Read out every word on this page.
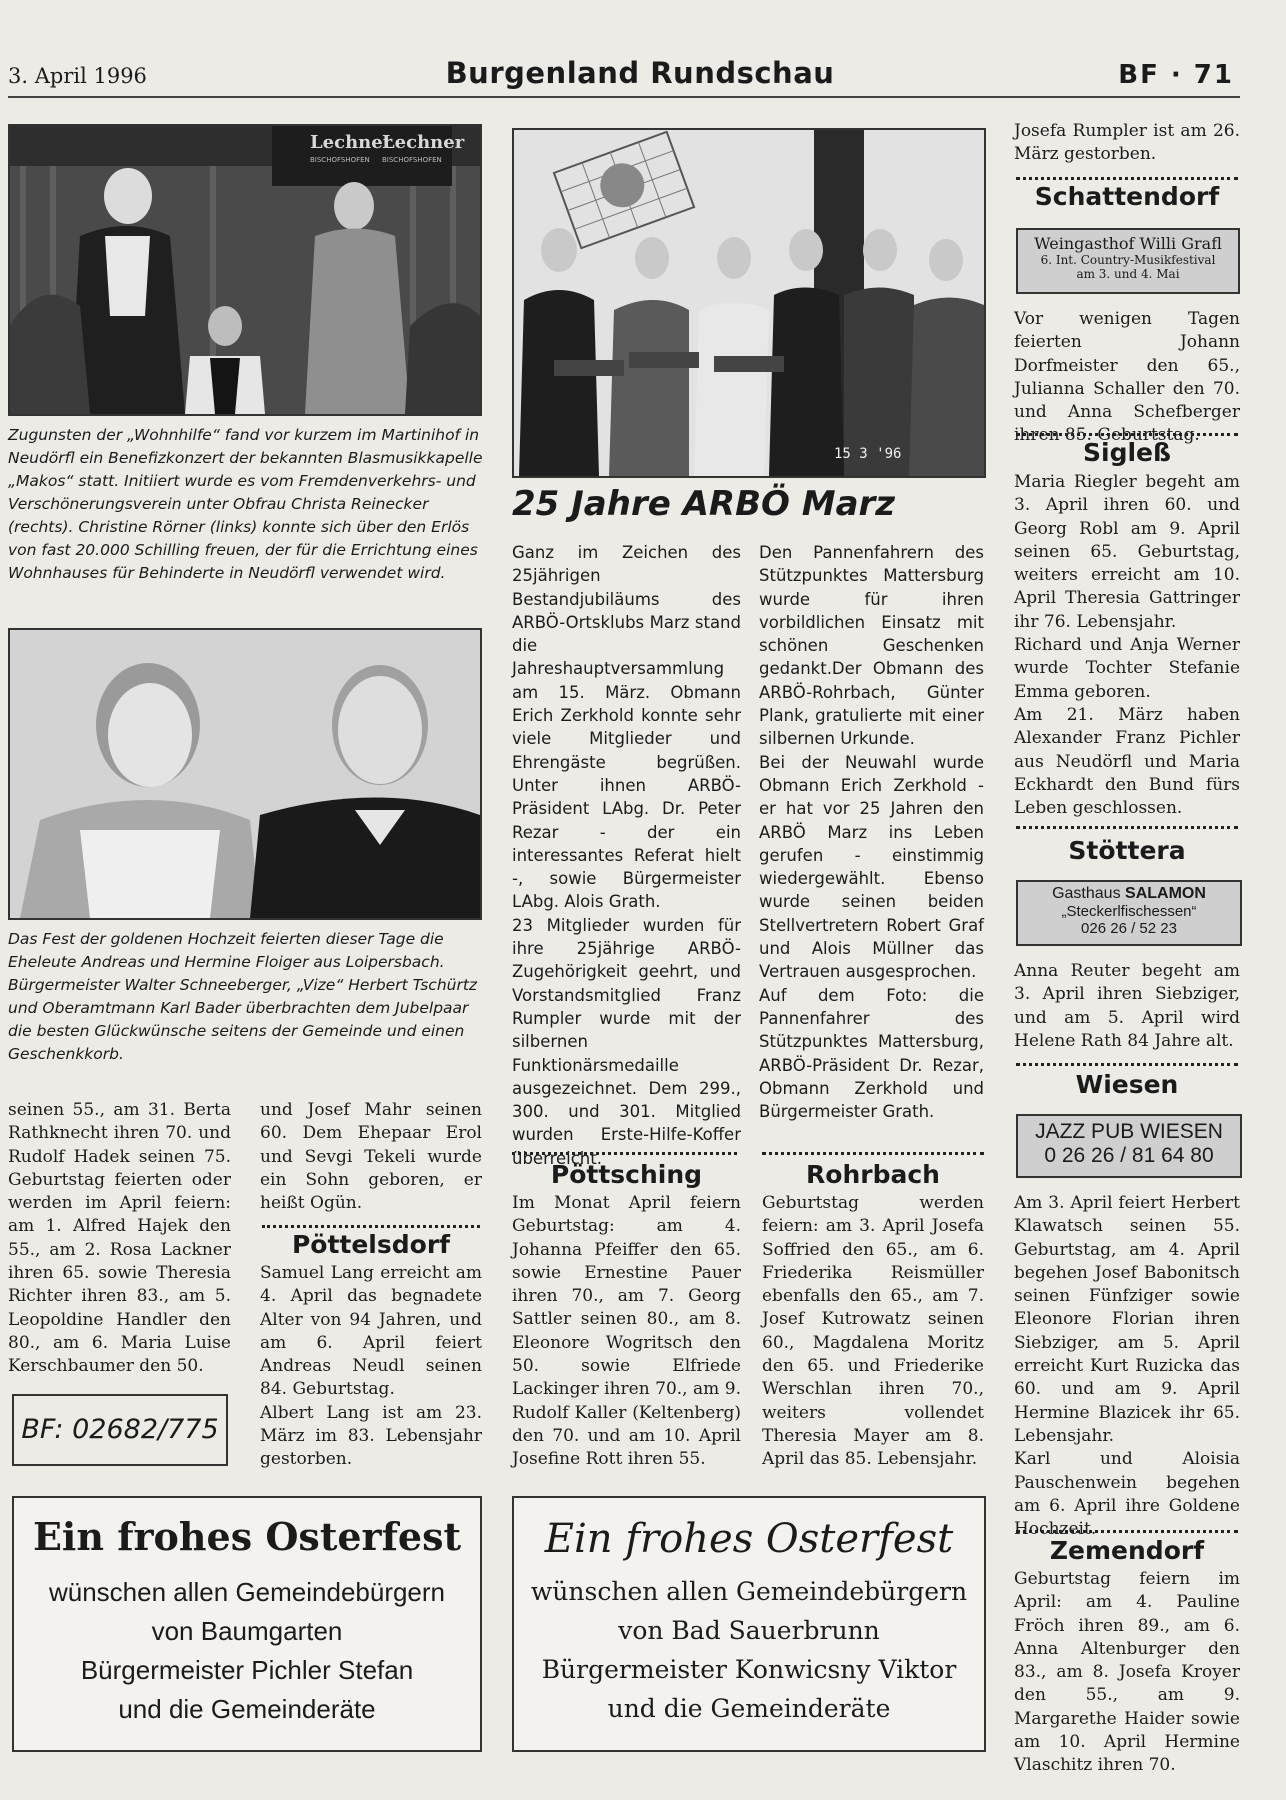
3. April 1996	Burgenland Rundschau	BF · 71
Lechner
BISCHOFSHOFEN
Lechner
BISCHOFSHOFEN
Zugunsten der „Wohnhilfe“ fand vor kurzem im Martinihof in Neudörfl ein Benefizkonzert der bekannten Blasmusikkapelle „Makos“ statt. Initiiert wurde es vom Fremdenverkehrs- und Verschönerungsverein unter Obfrau Christa Reinecker (rechts). Christine Rörner (links) konnte sich über den Erlös von fast 20.000 Schilling freuen, der für die Errichtung eines Wohnhauses für Behinderte in Neudörfl verwendet wird.
Das Fest der goldenen Hochzeit feierten dieser Tage die Eheleute Andreas und Hermine Floiger aus Loipersbach. Bürgermeister Walter Schneeberger, „Vize“ Herbert Tschürtz und Oberamtmann Karl Bader überbrachten dem Jubelpaar die besten Glückwünsche seitens der Gemeinde und einen Geschenkkorb.

seinen 55., am 31. Berta Rathknecht ihren 70. und Rudolf Hadek seinen 75. Geburtstag feierten oder werden im April feiern: am 1. Alfred Hajek den 55., am 2. Rosa Lackner ihren 65. sowie Theresia Richter ihren 83., am 5. Leopoldine Handler den 80., am 6. Maria Luise Kerschbaumer den 50.

BF: 02682/775

und Josef Mahr seinen 60. Dem Ehepaar Erol und Sevgi Tekeli wurde ein Sohn geboren, er heißt Ogün.

Pöttelsdorf

Samuel Lang erreicht am 4. April das begnadete Alter von 94 Jahren, und am 6. April feiert Andreas Neudl seinen 84. Geburtstag.

Albert Lang ist am 23. März im 83. Lebensjahr gestorben.

15 3 '96
25 Jahre ARBÖ Marz

Ganz im Zeichen des 25jährigen Bestandjubiläums des ARBÖ-Ortsklubs Marz stand die Jahreshauptversammlung am 15. März. Obmann Erich Zerkhold konnte sehr viele Mitglieder und Ehrengäste begrüßen. Unter ihnen ARBÖ-Präsident LAbg. Dr. Peter Rezar - der ein interessantes Referat hielt -, sowie Bürgermeister LAbg. Alois Grath.

23 Mitglieder wurden für ihre 25jährige ARBÖ-Zugehörigkeit geehrt, und Vorstandsmitglied Franz Rumpler wurde mit der silbernen Funktionärsmedaille ausgezeichnet. Dem 299., 300. und 301. Mitglied wurden Erste-Hilfe-Koffer überreicht.

Den Pannenfahrern des Stützpunktes Mattersburg wurde für ihren vorbildlichen Einsatz mit schönen Geschenken gedankt.Der Obmann des ARBÖ-Rohrbach, Günter Plank, gratulierte mit einer silbernen Urkunde.

Bei der Neuwahl wurde Obmann Erich Zerkhold - er hat vor 25 Jahren den ARBÖ Marz ins Leben gerufen - einstimmig wiedergewählt. Ebenso wurde seinen beiden Stellvertretern Robert Graf und Alois Müllner das Vertrauen ausgesprochen.

Auf dem Foto: die Pannenfahrer des Stützpunktes Mattersburg, ARBÖ-Präsident Dr. Rezar, Obmann Zerkhold und Bürgermeister Grath.

Pöttsching
Im Monat April feiern Geburtstag: am 4. Johanna Pfeiffer den 65. sowie Ernestine Pauer ihren 70., am 7. Georg Sattler seinen 80., am 8. Eleonore Wogritsch den 50. sowie Elfriede Lackinger ihren 70., am 9. Rudolf Kaller (Keltenberg) den 70. und am 10. April Josefine Rott ihren 55.
Rohrbach
Geburtstag werden feiern: am 3. April Josefa Soffried den 65., am 6. Friederika Reismüller ebenfalls den 65., am 7. Josef Kutrowatz seinen 60., Magdalena Moritz den 65. und Friederike Werschlan ihren 70., weiters vollendet Theresia Mayer am 8. April das 85. Lebensjahr.
Josefa Rumpler ist am 26. März gestorben.
Schattendorf
Weingasthof Willi Grafl
6. Int. Country-Musikfestival
am 3. und 4. Mai
Vor wenigen Tagen feierten Johann Dorfmeister den 65., Julianna Schaller den 70. und Anna Schefberger ihren 85. Geburtstag.
Sigleß

Maria Riegler begeht am 3. April ihren 60. und Georg Robl am 9. April seinen 65. Geburtstag, weiters erreicht am 10. April Theresia Gattringer ihr 76. Lebensjahr.

Richard und Anja Werner wurde Tochter Stefanie Emma geboren.

Am 21. März haben Alexander Franz Pichler aus Neudörfl und Maria Eckhardt den Bund fürs Leben geschlossen.

Stöttera
Gasthaus SALAMON
„Steckerlfischessen“
026 26 / 52 23
Anna Reuter begeht am 3. April ihren Siebziger, und am 5. April wird Helene Rath 84 Jahre alt.
Wiesen
JAZZ PUB WIESEN
0 26 26 / 81 64 80

Am 3. April feiert Herbert Klawatsch seinen 55. Geburtstag, am 4. April begehen Josef Babonitsch seinen Fünfziger sowie Eleonore Florian ihren Siebziger, am 5. April erreicht Kurt Ruzicka das 60. und am 9. April Hermine Blazicek ihr 65. Lebensjahr.

Karl und Aloisia Pauschenwein begehen am 6. April ihre Goldene Hochzeit.

Zemendorf
Geburtstag feiern im April: am 4. Pauline Fröch ihren 89., am 6. Anna Altenburger den 83., am 8. Josefa Kroyer den 55., am 9. Margarethe Haider sowie am 10. April Hermine Vlaschitz ihren 70.
Ein frohes Osterfest
wünschen allen Gemeindebürgern
von Baumgarten
Bürgermeister Pichler Stefan
und die Gemeinderäte
Ein frohes Osterfest
wünschen allen Gemeindebürgern
von Bad Sauerbrunn
Bürgermeister Konwicsny Viktor
und die Gemeinderäte
